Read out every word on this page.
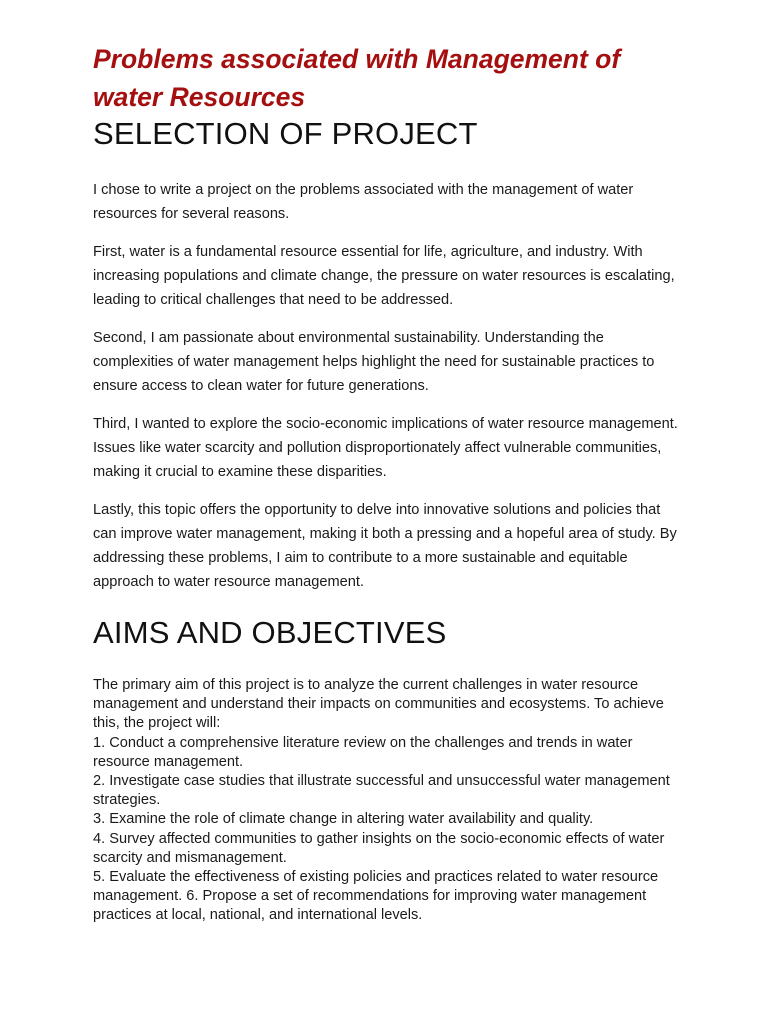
Problems associated with Management of water Resources
SELECTION OF PROJECT

I chose to write a project on the problems associated with the management of water resources for several reasons.

First, water is a fundamental resource essential for life, agriculture, and industry. With increasing populations and climate change, the pressure on water resources is escalating, leading to critical challenges that need to be addressed.

Second, I am passionate about environmental sustainability. Understanding the complexities of water management helps highlight the need for sustainable practices to ensure access to clean water for future generations.

Third, I wanted to explore the socio-economic implications of water resource management. Issues like water scarcity and pollution disproportionately affect vulnerable communities, making it crucial to examine these disparities.

Lastly, this topic offers the opportunity to delve into innovative solutions and policies that can improve water management, making it both a pressing and a hopeful area of study. By addressing these problems, I aim to contribute to a more sustainable and equitable approach to water resource management.

AIMS AND OBJECTIVES
The primary aim of this project is to analyze the current challenges in water resource management and understand their impacts on communities and ecosystems. To achieve this, the project will:
1. Conduct a comprehensive literature review on the challenges and trends in water resource management.
2. Investigate case studies that illustrate successful and unsuccessful water management strategies.
3. Examine the role of climate change in altering water availability and quality.
4. Survey affected communities to gather insights on the socio-economic effects of water scarcity and mismanagement.
5. Evaluate the effectiveness of existing policies and practices related to water resource management. 6. Propose a set of recommendations for improving water management practices at local, national, and international levels.
